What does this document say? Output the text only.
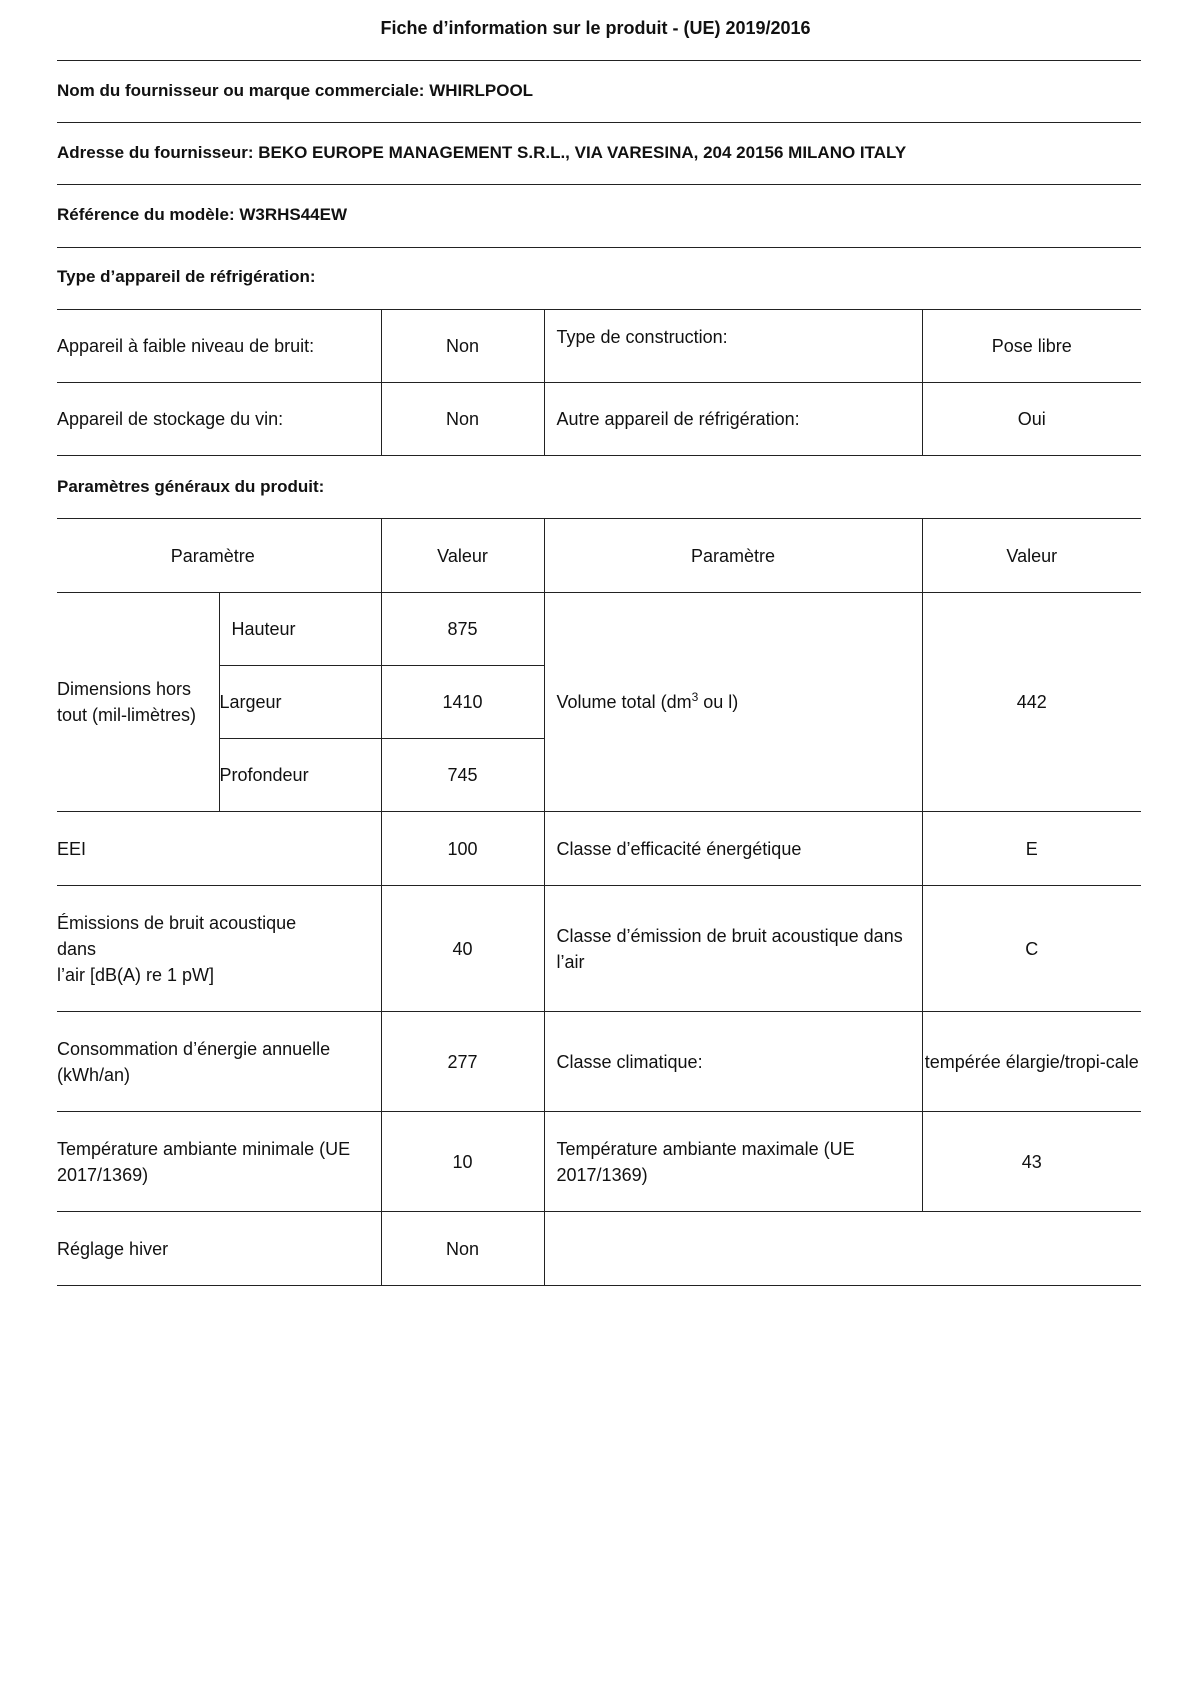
Fiche d’information sur le produit - (UE) 2019/2016
Nom du fournisseur ou marque commerciale: WHIRLPOOL
Adresse du fournisseur: BEKO EUROPE MANAGEMENT S.R.L., VIA VARESINA, 204 20156 MILANO ITALY
Référence du modèle: W3RHS44EW
Type d’appareil de réfrigération:
Appareil à faible niveau de bruit:	Non	Type de construction:	Pose libre
Appareil de stockage du vin:	Non	Autre appareil de réfrigération:	Oui
Paramètres généraux du produit:
Paramètre		Valeur	Paramètre	Valeur
Dimensions hors tout (mil-limètres)	Hauteur	875	Volume total ($dm^3$ ou l)	442
	Largeur	1410		
	Profondeur	745		
EEI		100	Classe d’efficacité énergétique	E
Émissions de bruit acoustique
dans
l’air [dB(A) re 1 pW]		40	Classe d’émission de bruit acoustique dans l’air	C
Consommation d’énergie annuelle (kWh/an)		277	Classe climatique:	tempérée élargie/tropi-cale
Température ambiante minimale (UE 2017/1369)		10	Température ambiante maximale (UE 2017/1369)	43
Réglage hiver		Non		
